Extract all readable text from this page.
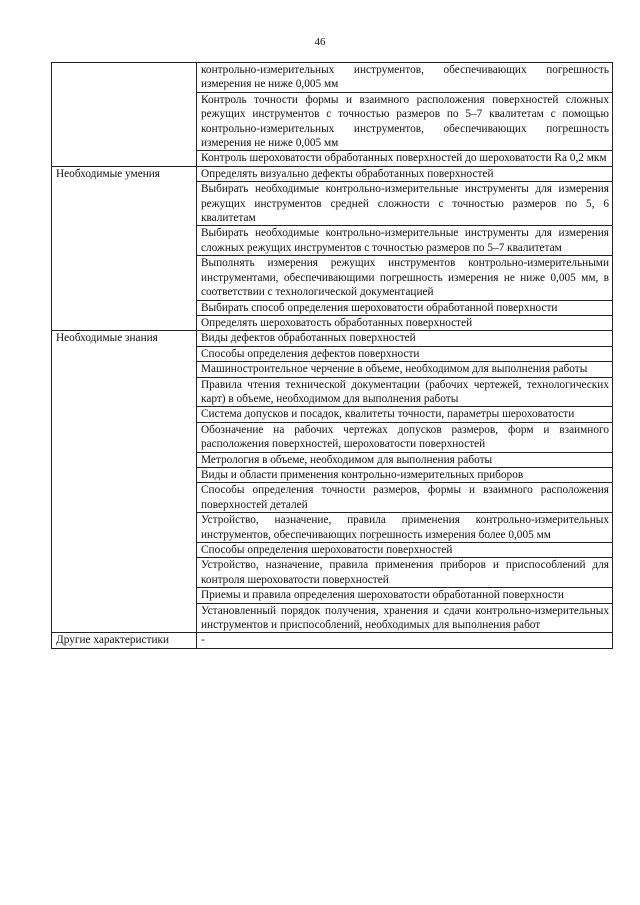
46
	контрольно-измерительных инструментов, обеспечивающих погрешность измерения не ниже 0,005 мм
	Контроль точности формы и взаимного расположения поверхностей сложных режущих инструментов с точностью размеров по 5–7 квалитетам с помощью контрольно-измерительных инструментов, обеспечивающих погрешность измерения не ниже 0,005 мм
	Контроль шероховатости обработанных поверхностей до шероховатости Ra 0,2 мкм
Необходимые умения	Определять визуально дефекты обработанных поверхностей
	Выбирать необходимые контрольно-измерительные инструменты для измерения режущих инструментов средней сложности с точностью размеров по 5, 6 квалитетам
	Выбирать необходимые контрольно-измерительные инструменты для измерения сложных режущих инструментов с точностью размеров по 5–7 квалитетам
	Выполнять измерения режущих инструментов контрольно-измерительными инструментами, обеспечивающими погрешность измерения не ниже 0,005 мм, в соответствии с технологической документацией
	Выбирать способ определения шероховатости обработанной поверхности
	Определять шероховатость обработанных поверхностей
Необходимые знания	Виды дефектов обработанных поверхностей
	Способы определения дефектов поверхности
	Машиностроительное черчение в объеме, необходимом для выполнения работы
	Правила чтения технической документации (рабочих чертежей, технологических карт) в объеме, необходимом для выполнения работы
	Система допусков и посадок, квалитеты точности, параметры шероховатости
	Обозначение на рабочих чертежах допусков размеров, форм и взаимного расположения поверхностей, шероховатости поверхностей
	Метрология в объеме, необходимом для выполнения работы
	Виды и области применения контрольно-измерительных приборов
	Способы определения точности размеров, формы и взаимного расположения поверхностей деталей
	Устройство, назначение, правила применения контрольно-измерительных инструментов, обеспечивающих погрешность измерения более 0,005 мм
	Способы определения шероховатости поверхностей
	Устройство, назначение, правила применения приборов и приспособлений для контроля шероховатости поверхностей
	Приемы и правила определения шероховатости обработанной поверхности
	Установленный порядок получения, хранения и сдачи контрольно-измерительных инструментов и приспособлений, необходимых для выполнения работ
Другие характеристики	-
